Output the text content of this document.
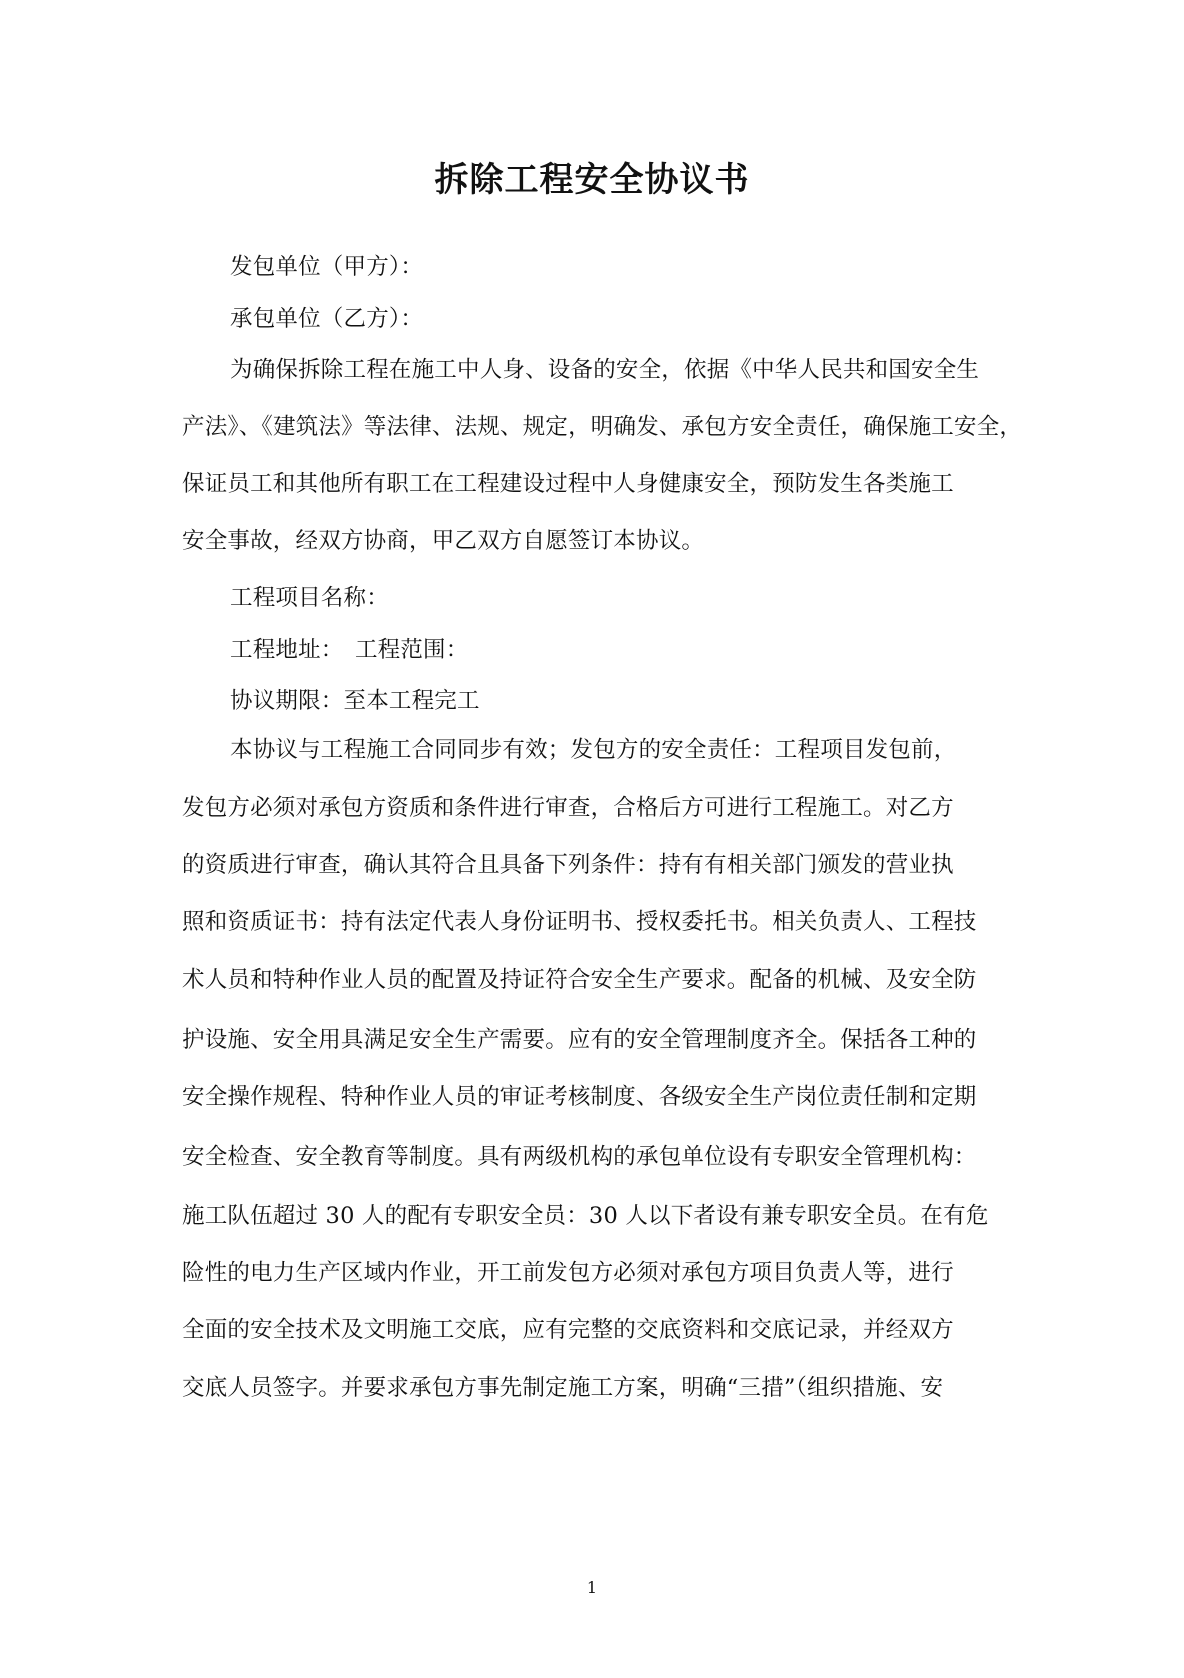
拆除工程安全协议书
发包单位（甲方）：
承包单位（乙方）：
为确保拆除工程在施工中人身、设备的安全，依据《中华人民共和国安全生
产法》、《建筑法》等法律、法规、规定，明确发、承包方安全责任，确保施工安全，
保证员工和其他所有职工在工程建设过程中人身健康安全，预防发生各类施工
安全事故，经双方协商，甲乙双方自愿签订本协议。
工程项目名称：
工程地址：　工程范围：
协议期限：至本工程完工
本协议与工程施工合同同步有效；发包方的安全责任：工程项目发包前，
发包方必须对承包方资质和条件进行审查，合格后方可进行工程施工。对乙方
的资质进行审查，确认其符合且具备下列条件：持有有相关部门颁发的营业执
照和资质证书：持有法定代表人身份证明书、授权委托书。相关负责人、工程技
术人员和特种作业人员的配置及持证符合安全生产要求。配备的机械、及安全防
护设施、安全用具满足安全生产需要。应有的安全管理制度齐全。保括各工种的
安全操作规程、特种作业人员的审证考核制度、各级安全生产岗位责任制和定期
安全检查、安全教育等制度。具有两级机构的承包单位设有专职安全管理机构：
施工队伍超过 30 人的配有专职安全员：30 人以下者设有兼专职安全员。在有危
险性的电力生产区域内作业，开工前发包方必须对承包方项目负责人等，进行
全面的安全技术及文明施工交底，应有完整的交底资料和交底记录，并经双方
交底人员签字。并要求承包方事先制定施工方案，明确“三措”（组织措施、安
1
